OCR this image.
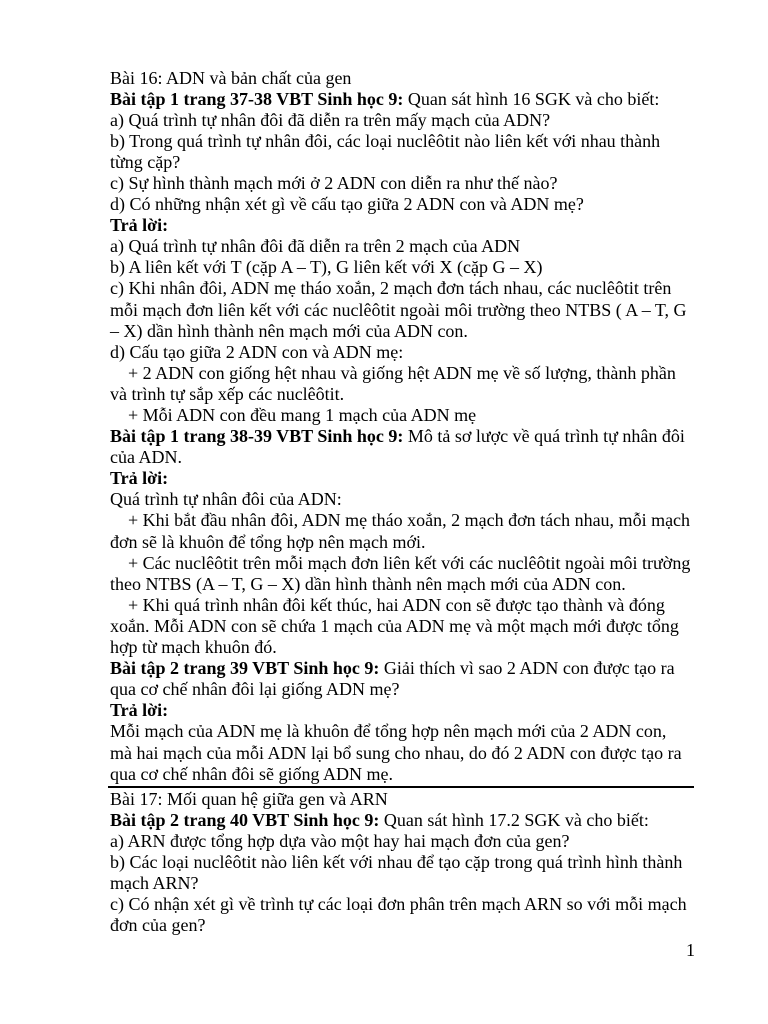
Bài 16: ADN và bản chất của gen
Bài tập 1 trang 37-38 VBT Sinh học 9: Quan sát hình 16 SGK và cho biết:
a) Quá trình tự nhân đôi đã diễn ra trên mấy mạch của ADN?
b) Trong quá trình tự nhân đôi, các loại nuclêôtit nào liên kết với nhau thành
từng cặp?
c) Sự hình thành mạch mới ở 2 ADN con diễn ra như thế nào?
d) Có những nhận xét gì về cấu tạo giữa 2 ADN con và ADN mẹ?
Trả lời:
a) Quá trình tự nhân đôi đã diễn ra trên 2 mạch của ADN
b) A liên kết với T (cặp A – T), G liên kết với X (cặp G – X)
c) Khi nhân đôi, ADN mẹ tháo xoắn, 2 mạch đơn tách nhau, các nuclêôtit trên
mỗi mạch đơn liên kết với các nuclêôtit ngoài môi trường theo NTBS ( A – T, G
– X) dần hình thành nên mạch mới của ADN con.
d) Cấu tạo giữa 2 ADN con và ADN mẹ:
+ 2 ADN con giống hệt nhau và giống hệt ADN mẹ về số lượng, thành phần
và trình tự sắp xếp các nuclêôtit.
+ Mỗi ADN con đều mang 1 mạch của ADN mẹ
Bài tập 1 trang 38-39 VBT Sinh học 9: Mô tả sơ lược về quá trình tự nhân đôi
của ADN.
Trả lời:
Quá trình tự nhân đôi của ADN:
+ Khi bắt đầu nhân đôi, ADN mẹ tháo xoắn, 2 mạch đơn tách nhau, mỗi mạch
đơn sẽ là khuôn để tổng hợp nên mạch mới.
+ Các nuclêôtit trên mỗi mạch đơn liên kết với các nuclêôtit ngoài môi trường
theo NTBS (A – T, G – X) dần hình thành nên mạch mới của ADN con.
+ Khi quá trình nhân đôi kết thúc, hai ADN con sẽ được tạo thành và đóng
xoắn. Mỗi ADN con sẽ chứa 1 mạch của ADN mẹ và một mạch mới được tổng
hợp từ mạch khuôn đó.
Bài tập 2 trang 39 VBT Sinh học 9: Giải thích vì sao 2 ADN con được tạo ra
qua cơ chế nhân đôi lại giống ADN mẹ?
Trả lời:
Mỗi mạch của ADN mẹ là khuôn để tổng hợp nên mạch mới của 2 ADN con,
mà hai mạch của mỗi ADN lại bổ sung cho nhau, do đó 2 ADN con được tạo ra
qua cơ chế nhân đôi sẽ giống ADN mẹ.
Bài 17: Mối quan hệ giữa gen và ARN
Bài tập 2 trang 40 VBT Sinh học 9: Quan sát hình 17.2 SGK và cho biết:
a) ARN được tổng hợp dựa vào một hay hai mạch đơn của gen?
b) Các loại nuclêôtit nào liên kết với nhau để tạo cặp trong quá trình hình thành
mạch ARN?
c) Có nhận xét gì về trình tự các loại đơn phân trên mạch ARN so với mỗi mạch
đơn của gen?
1
